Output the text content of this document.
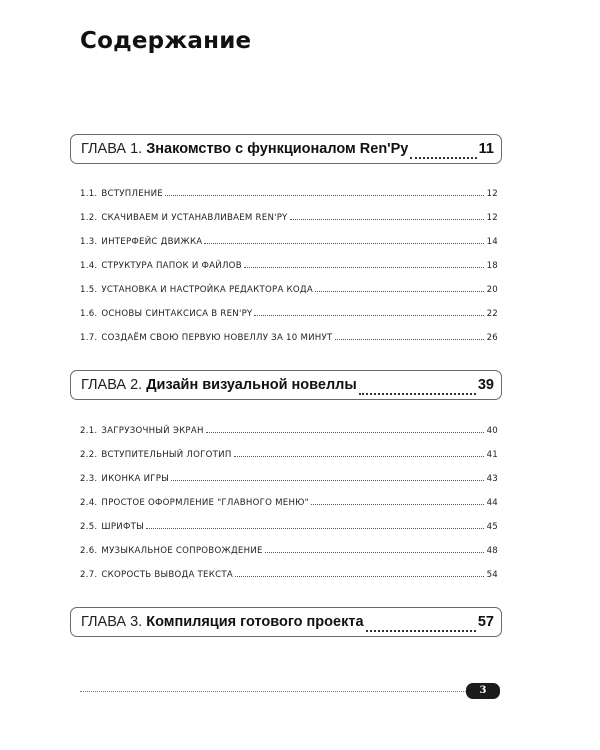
Содержание
ГЛАВА 1. Знакомство с функционалом Ren'Py	11
1.1. ВСТУПЛЕНИЕ	12
1.2. СКАЧИВАЕМ И УСТАНАВЛИВАЕМ REN'PY	12
1.3. ИНТЕРФЕЙС ДВИЖКА	14
1.4. СТРУКТУРА ПАПОК И ФАЙЛОВ	18
1.5. УСТАНОВКА И НАСТРОЙКА РЕДАКТОРА КОДА	20
1.6. ОСНОВЫ СИНТАКСИСА В REN'PY	22
1.7. СОЗДАЁМ СВОЮ ПЕРВУЮ НОВЕЛЛУ ЗА 10 МИНУТ	26
ГЛАВА 2. Дизайн визуальной новеллы	39
2.1. ЗАГРУЗОЧНЫЙ ЭКРАН	40
2.2. ВСТУПИТЕЛЬНЫЙ ЛОГОТИП	41
2.3. ИКОНКА ИГРЫ	43
2.4. ПРОСТОЕ ОФОРМЛЕНИЕ "ГЛАВНОГО МЕНЮ"	44
2.5. ШРИФТЫ	45
2.6. МУЗЫКАЛЬНОЕ СОПРОВОЖДЕНИЕ	48
2.7. СКОРОСТЬ ВЫВОДА ТЕКСТА	54
ГЛАВА 3. Компиляция готового проекта	57
3
